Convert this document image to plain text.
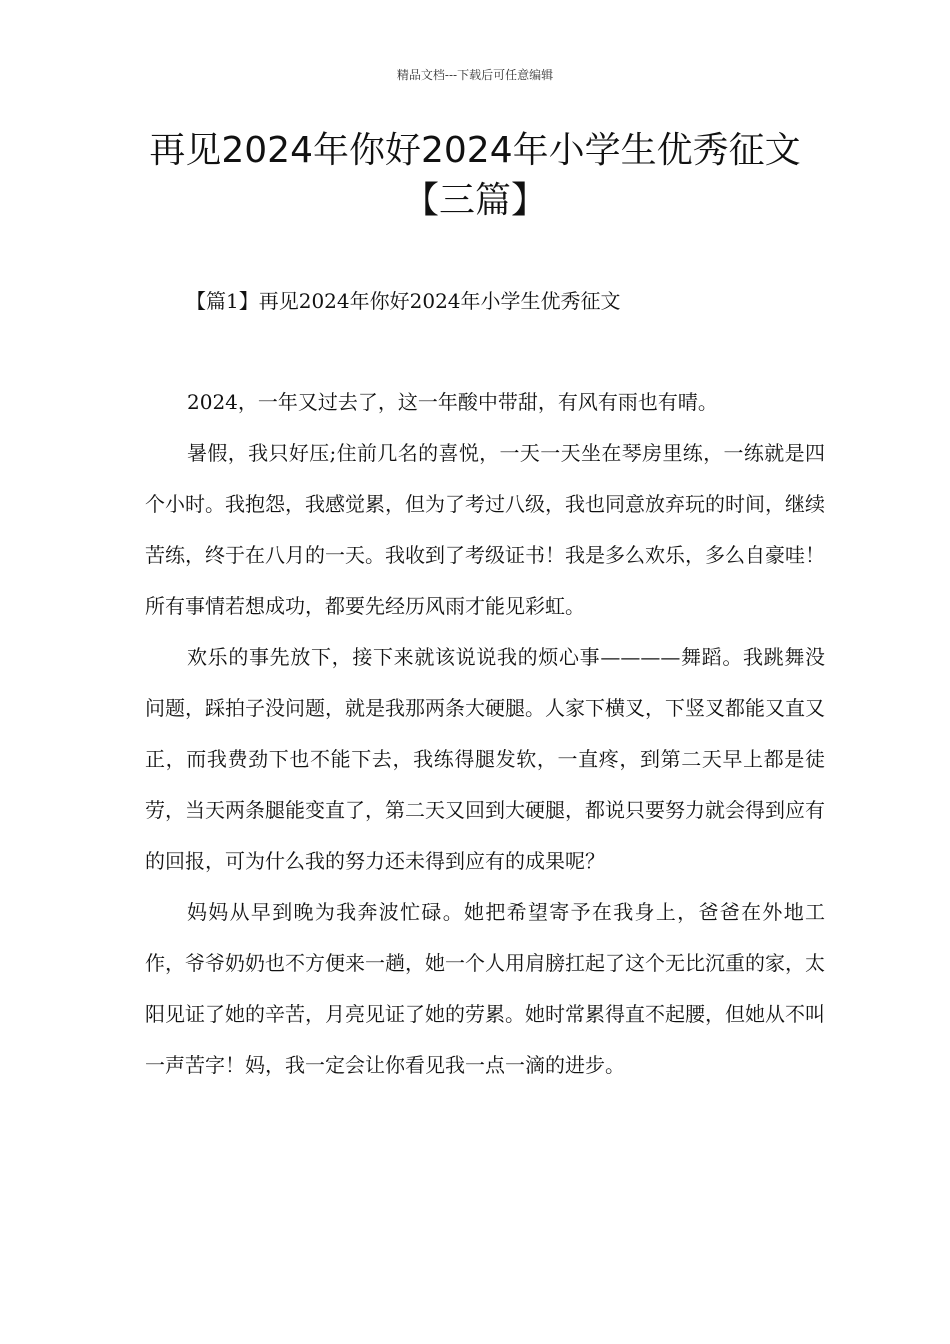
精品文档---下载后可任意编辑
再见2024年你好2024年小学生优秀征文【三篇】
【篇1】再见2024年你好2024年小学生优秀征文

2024，一年又过去了，这一年酸中带甜，有风有雨也有晴。

暑假，我只好压;住前几名的喜悦，一天一天坐在琴房里练，一练就是四个小时。我抱怨，我感觉累，但为了考过八级，我也同意放弃玩的时间，继续苦练，终于在八月的一天。我收到了考级证书！我是多么欢乐，多么自豪哇！所有事情若想成功，都要先经历风雨才能见彩虹。

欢乐的事先放下，接下来就该说说我的烦心事————舞蹈。我跳舞没问题，踩拍子没问题，就是我那两条大硬腿。人家下横叉，下竖叉都能又直又正，而我费劲下也不能下去，我练得腿发软，一直疼，到第二天早上都是徒劳，当天两条腿能变直了，第二天又回到大硬腿，都说只要努力就会得到应有的回报，可为什么我的努力还未得到应有的成果呢？

妈妈从早到晚为我奔波忙碌。她把希望寄予在我身上，爸爸在外地工作，爷爷奶奶也不方便来一趟，她一个人用肩膀扛起了这个无比沉重的家，太阳见证了她的辛苦，月亮见证了她的劳累。她时常累得直不起腰，但她从不叫一声苦字！妈，我一定会让你看见我一点一滴的进步。
